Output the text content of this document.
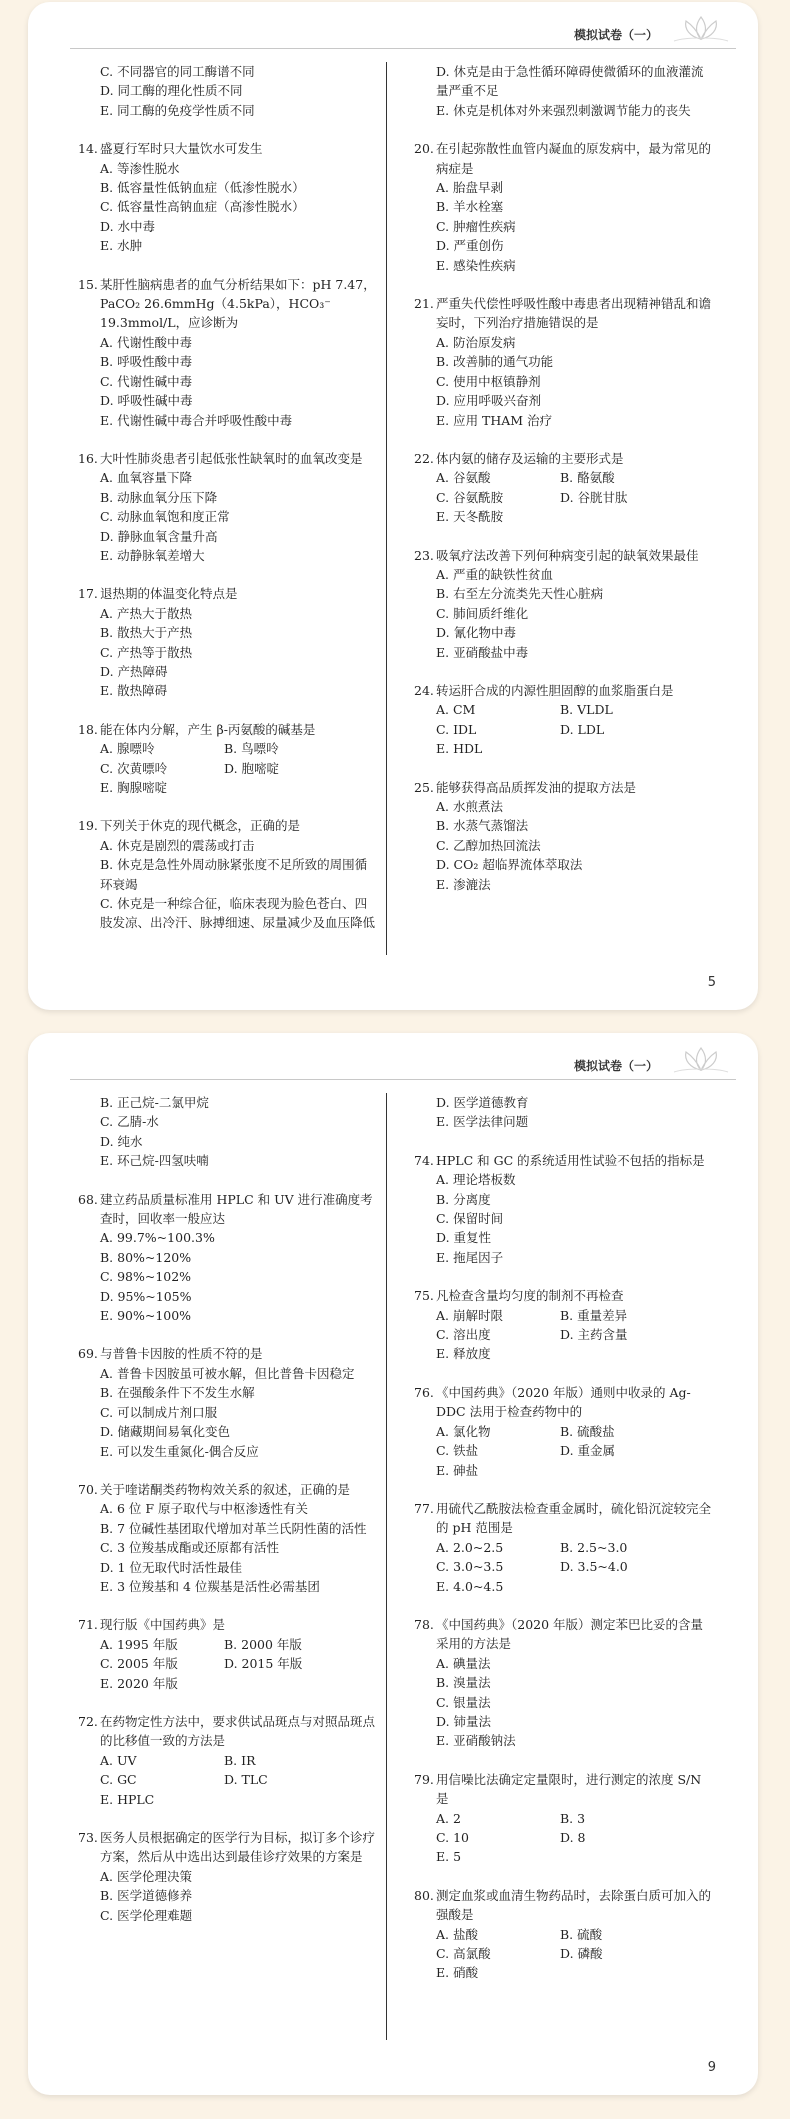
模拟试卷（一）
C. 不同器官的同工酶谱不同
D. 同工酶的理化性质不同
E. 同工酶的免疫学性质不同
14. 盛夏行军时只大量饮水可发生
A. 等渗性脱水
B. 低容量性低钠血症（低渗性脱水）
C. 低容量性高钠血症（高渗性脱水）
D. 水中毒
E. 水肿
15. 某肝性脑病患者的血气分析结果如下：pH 7.47，PaCO₂ 26.6mmHg（4.5kPa），HCO₃⁻ 19.3mmol/L，应诊断为
A. 代谢性酸中毒
B. 呼吸性酸中毒
C. 代谢性碱中毒
D. 呼吸性碱中毒
E. 代谢性碱中毒合并呼吸性酸中毒
16. 大叶性肺炎患者引起低张性缺氧时的血氧改变是
A. 血氧容量下降
B. 动脉血氧分压下降
C. 动脉血氧饱和度正常
D. 静脉血氧含量升高
E. 动静脉氧差增大
17. 退热期的体温变化特点是
A. 产热大于散热
B. 散热大于产热
C. 产热等于散热
D. 产热障碍
E. 散热障碍
18. 能在体内分解，产生 β-丙氨酸的碱基是
A. 腺嘌呤	B. 鸟嘌呤
C. 次黄嘌呤	D. 胞嘧啶
E. 胸腺嘧啶
19. 下列关于休克的现代概念，正确的是
A. 休克是剧烈的震荡或打击
B. 休克是急性外周动脉紧张度不足所致的周围循环衰竭
C. 休克是一种综合征，临床表现为脸色苍白、四肢发凉、出冷汗、脉搏细速、尿量减少及血压降低
D. 休克是由于急性循环障碍使微循环的血液灌流量严重不足
E. 休克是机体对外来强烈刺激调节能力的丧失
20. 在引起弥散性血管内凝血的原发病中，最为常见的病症是
A. 胎盘早剥
B. 羊水栓塞
C. 肿瘤性疾病
D. 严重创伤
E. 感染性疾病
21. 严重失代偿性呼吸性酸中毒患者出现精神错乱和谵妄时，下列治疗措施错误的是
A. 防治原发病
B. 改善肺的通气功能
C. 使用中枢镇静剂
D. 应用呼吸兴奋剂
E. 应用 THAM 治疗
22. 体内氨的储存及运输的主要形式是
A. 谷氨酸	B. 酪氨酸
C. 谷氨酰胺	D. 谷胱甘肽
E. 天冬酰胺
23. 吸氧疗法改善下列何种病变引起的缺氧效果最佳
A. 严重的缺铁性贫血
B. 右至左分流类先天性心脏病
C. 肺间质纤维化
D. 氰化物中毒
E. 亚硝酸盐中毒
24. 转运肝合成的内源性胆固醇的血浆脂蛋白是
A. CM	B. VLDL
C. IDL	D. LDL
E. HDL
25. 能够获得高品质挥发油的提取方法是
A. 水煎煮法
B. 水蒸气蒸馏法
C. 乙醇加热回流法
D. CO₂ 超临界流体萃取法
E. 渗漉法
5
模拟试卷（一）
B. 正己烷-二氯甲烷
C. 乙腈-水
D. 纯水
E. 环己烷-四氢呋喃
68. 建立药品质量标准用 HPLC 和 UV 进行准确度考查时，回收率一般应达
A. 99.7%~100.3%
B. 80%~120%
C. 98%~102%
D. 95%~105%
E. 90%~100%
69. 与普鲁卡因胺的性质不符的是
A. 普鲁卡因胺虽可被水解，但比普鲁卡因稳定
B. 在强酸条件下不发生水解
C. 可以制成片剂口服
D. 储藏期间易氧化变色
E. 可以发生重氮化-偶合反应
70. 关于喹诺酮类药物构效关系的叙述，正确的是
A. 6 位 F 原子取代与中枢渗透性有关
B. 7 位碱性基团取代增加对革兰氏阴性菌的活性
C. 3 位羧基成酯或还原都有活性
D. 1 位无取代时活性最佳
E. 3 位羧基和 4 位羰基是活性必需基团
71. 现行版《中国药典》是
A. 1995 年版	B. 2000 年版
C. 2005 年版	D. 2015 年版
E. 2020 年版
72. 在药物定性方法中，要求供试品斑点与对照品斑点的比移值一致的方法是
A. UV	B. IR
C. GC	D. TLC
E. HPLC
73. 医务人员根据确定的医学行为目标，拟订多个诊疗方案，然后从中选出达到最佳诊疗效果的方案是
A. 医学伦理决策
B. 医学道德修养
C. 医学伦理难题
D. 医学道德教育
E. 医学法律问题
74. HPLC 和 GC 的系统适用性试验不包括的指标是
A. 理论塔板数
B. 分离度
C. 保留时间
D. 重复性
E. 拖尾因子
75. 凡检查含量均匀度的制剂不再检查
A. 崩解时限	B. 重量差异
C. 溶出度	D. 主药含量
E. 释放度
76. 《中国药典》（2020 年版）通则中收录的 Ag-DDC 法用于检查药物中的
A. 氯化物	B. 硫酸盐
C. 铁盐	D. 重金属
E. 砷盐
77. 用硫代乙酰胺法检查重金属时，硫化铅沉淀较完全的 pH 范围是
A. 2.0~2.5	B. 2.5~3.0
C. 3.0~3.5	D. 3.5~4.0
E. 4.0~4.5
78. 《中国药典》（2020 年版）测定苯巴比妥的含量采用的方法是
A. 碘量法
B. 溴量法
C. 银量法
D. 铈量法
E. 亚硝酸钠法
79. 用信噪比法确定定量限时，进行测定的浓度 S/N 是
A. 2	B. 3
C. 10	D. 8
E. 5
80. 测定血浆或血清生物药品时，去除蛋白质可加入的强酸是
A. 盐酸	B. 硫酸
C. 高氯酸	D. 磷酸
E. 硝酸
9
